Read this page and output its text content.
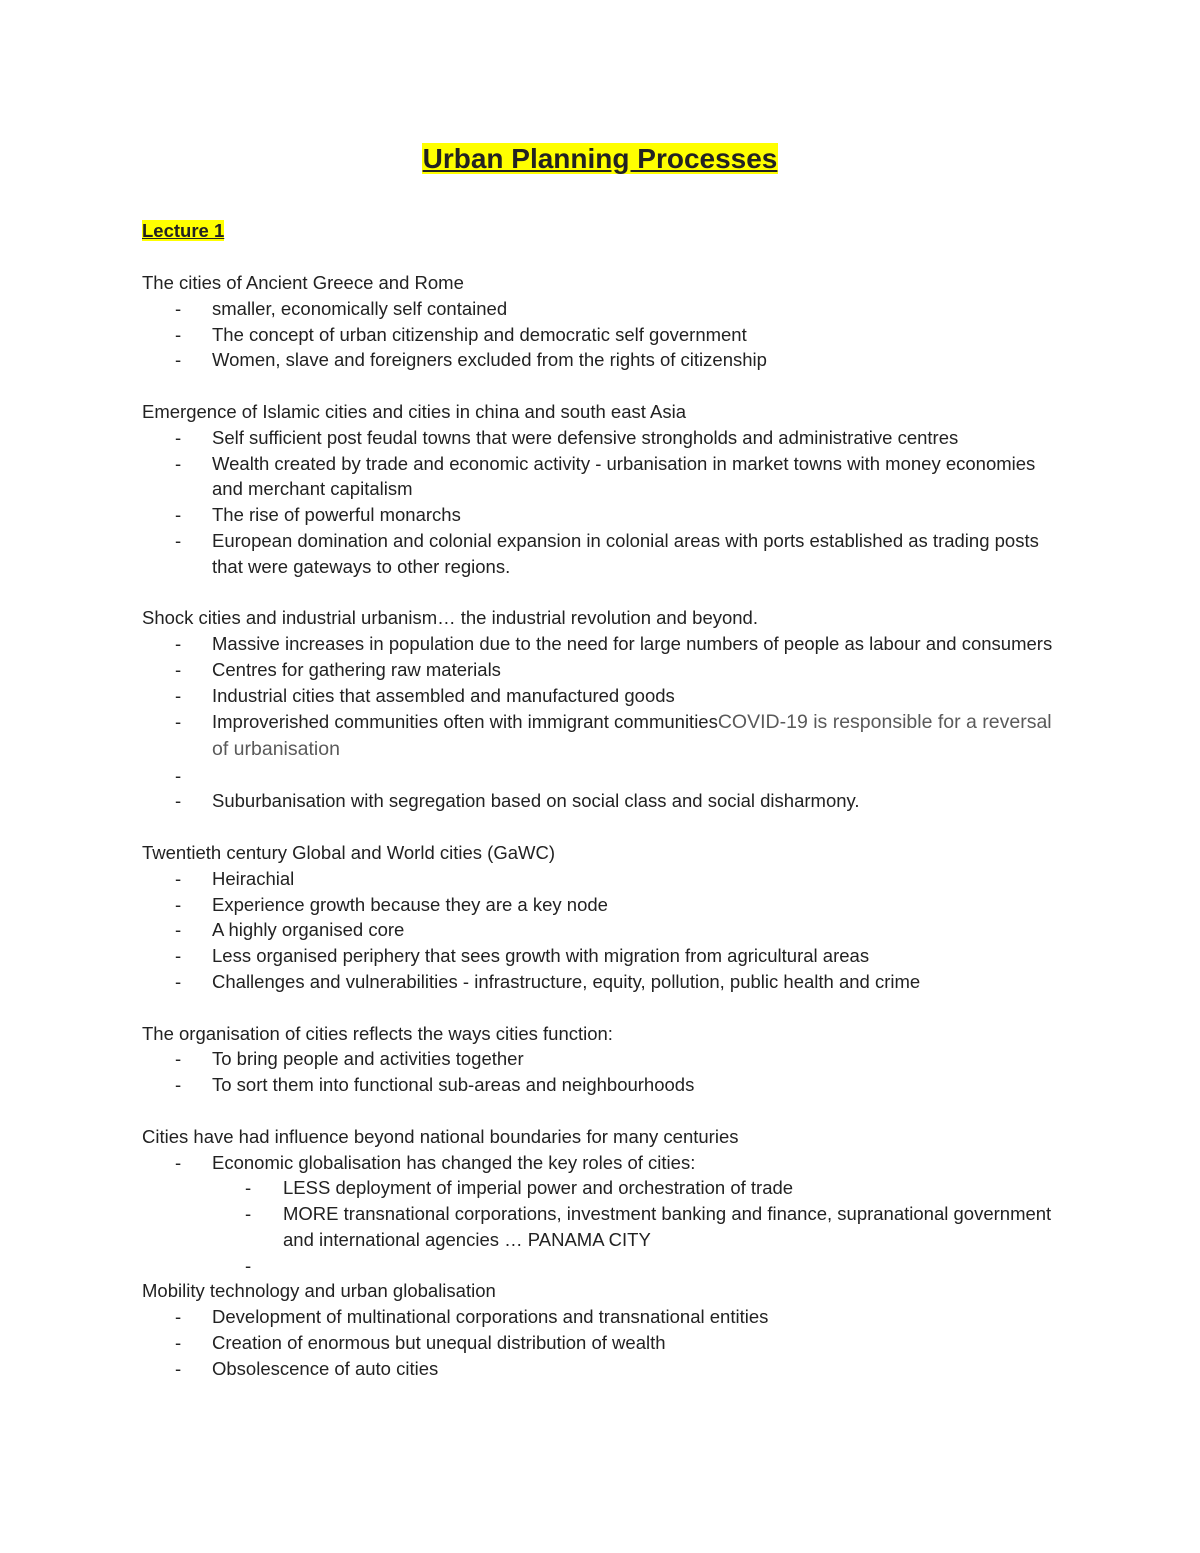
Urban Planning Processes
Lecture 1
The cities of Ancient Greece and Rome
-	smaller, economically self contained
-	The concept of urban citizenship and democratic self government
-	Women, slave and foreigners excluded from the rights of citizenship
Emergence of Islamic cities and cities in china and south east Asia
-	Self sufficient post feudal towns that were defensive strongholds and administrative centres
-	Wealth created by trade and economic activity - urbanisation in market towns with money economies and merchant capitalism
-	The rise of powerful monarchs
-	European domination and colonial expansion in colonial areas with ports established as trading posts that were gateways to other regions.
Shock cities and industrial urbanism… the industrial revolution and beyond.
-	Massive increases in population due to the need for large numbers of people as labour and consumers
-	Centres for gathering raw materials
-	Industrial cities that assembled and manufactured goods
-	Improverished communities often with immigrant communitiesCOVID-19 is responsible for a reversal of urbanisation
-
-	Suburbanisation with segregation based on social class and social disharmony.
Twentieth century Global and World cities (GaWC)
-	Heirachial
-	Experience growth because they are a key node
-	A highly organised core
-	Less organised periphery that sees growth with migration from agricultural areas
-	Challenges and vulnerabilities - infrastructure, equity, pollution, public health and crime
The organisation of cities reflects the ways cities function:
-	To bring people and activities together
-	To sort them into functional sub-areas and neighbourhoods
Cities have had influence beyond national boundaries for many centuries
-	Economic globalisation has changed the key roles of cities:
-	LESS deployment of imperial power and orchestration of trade
-	MORE transnational corporations, investment banking and finance, supranational government and international agencies … PANAMA CITY
-
Mobility technology and urban globalisation
-	Development of multinational corporations and transnational entities
-	Creation of enormous but unequal distribution of wealth
-	Obsolescence of auto cities
